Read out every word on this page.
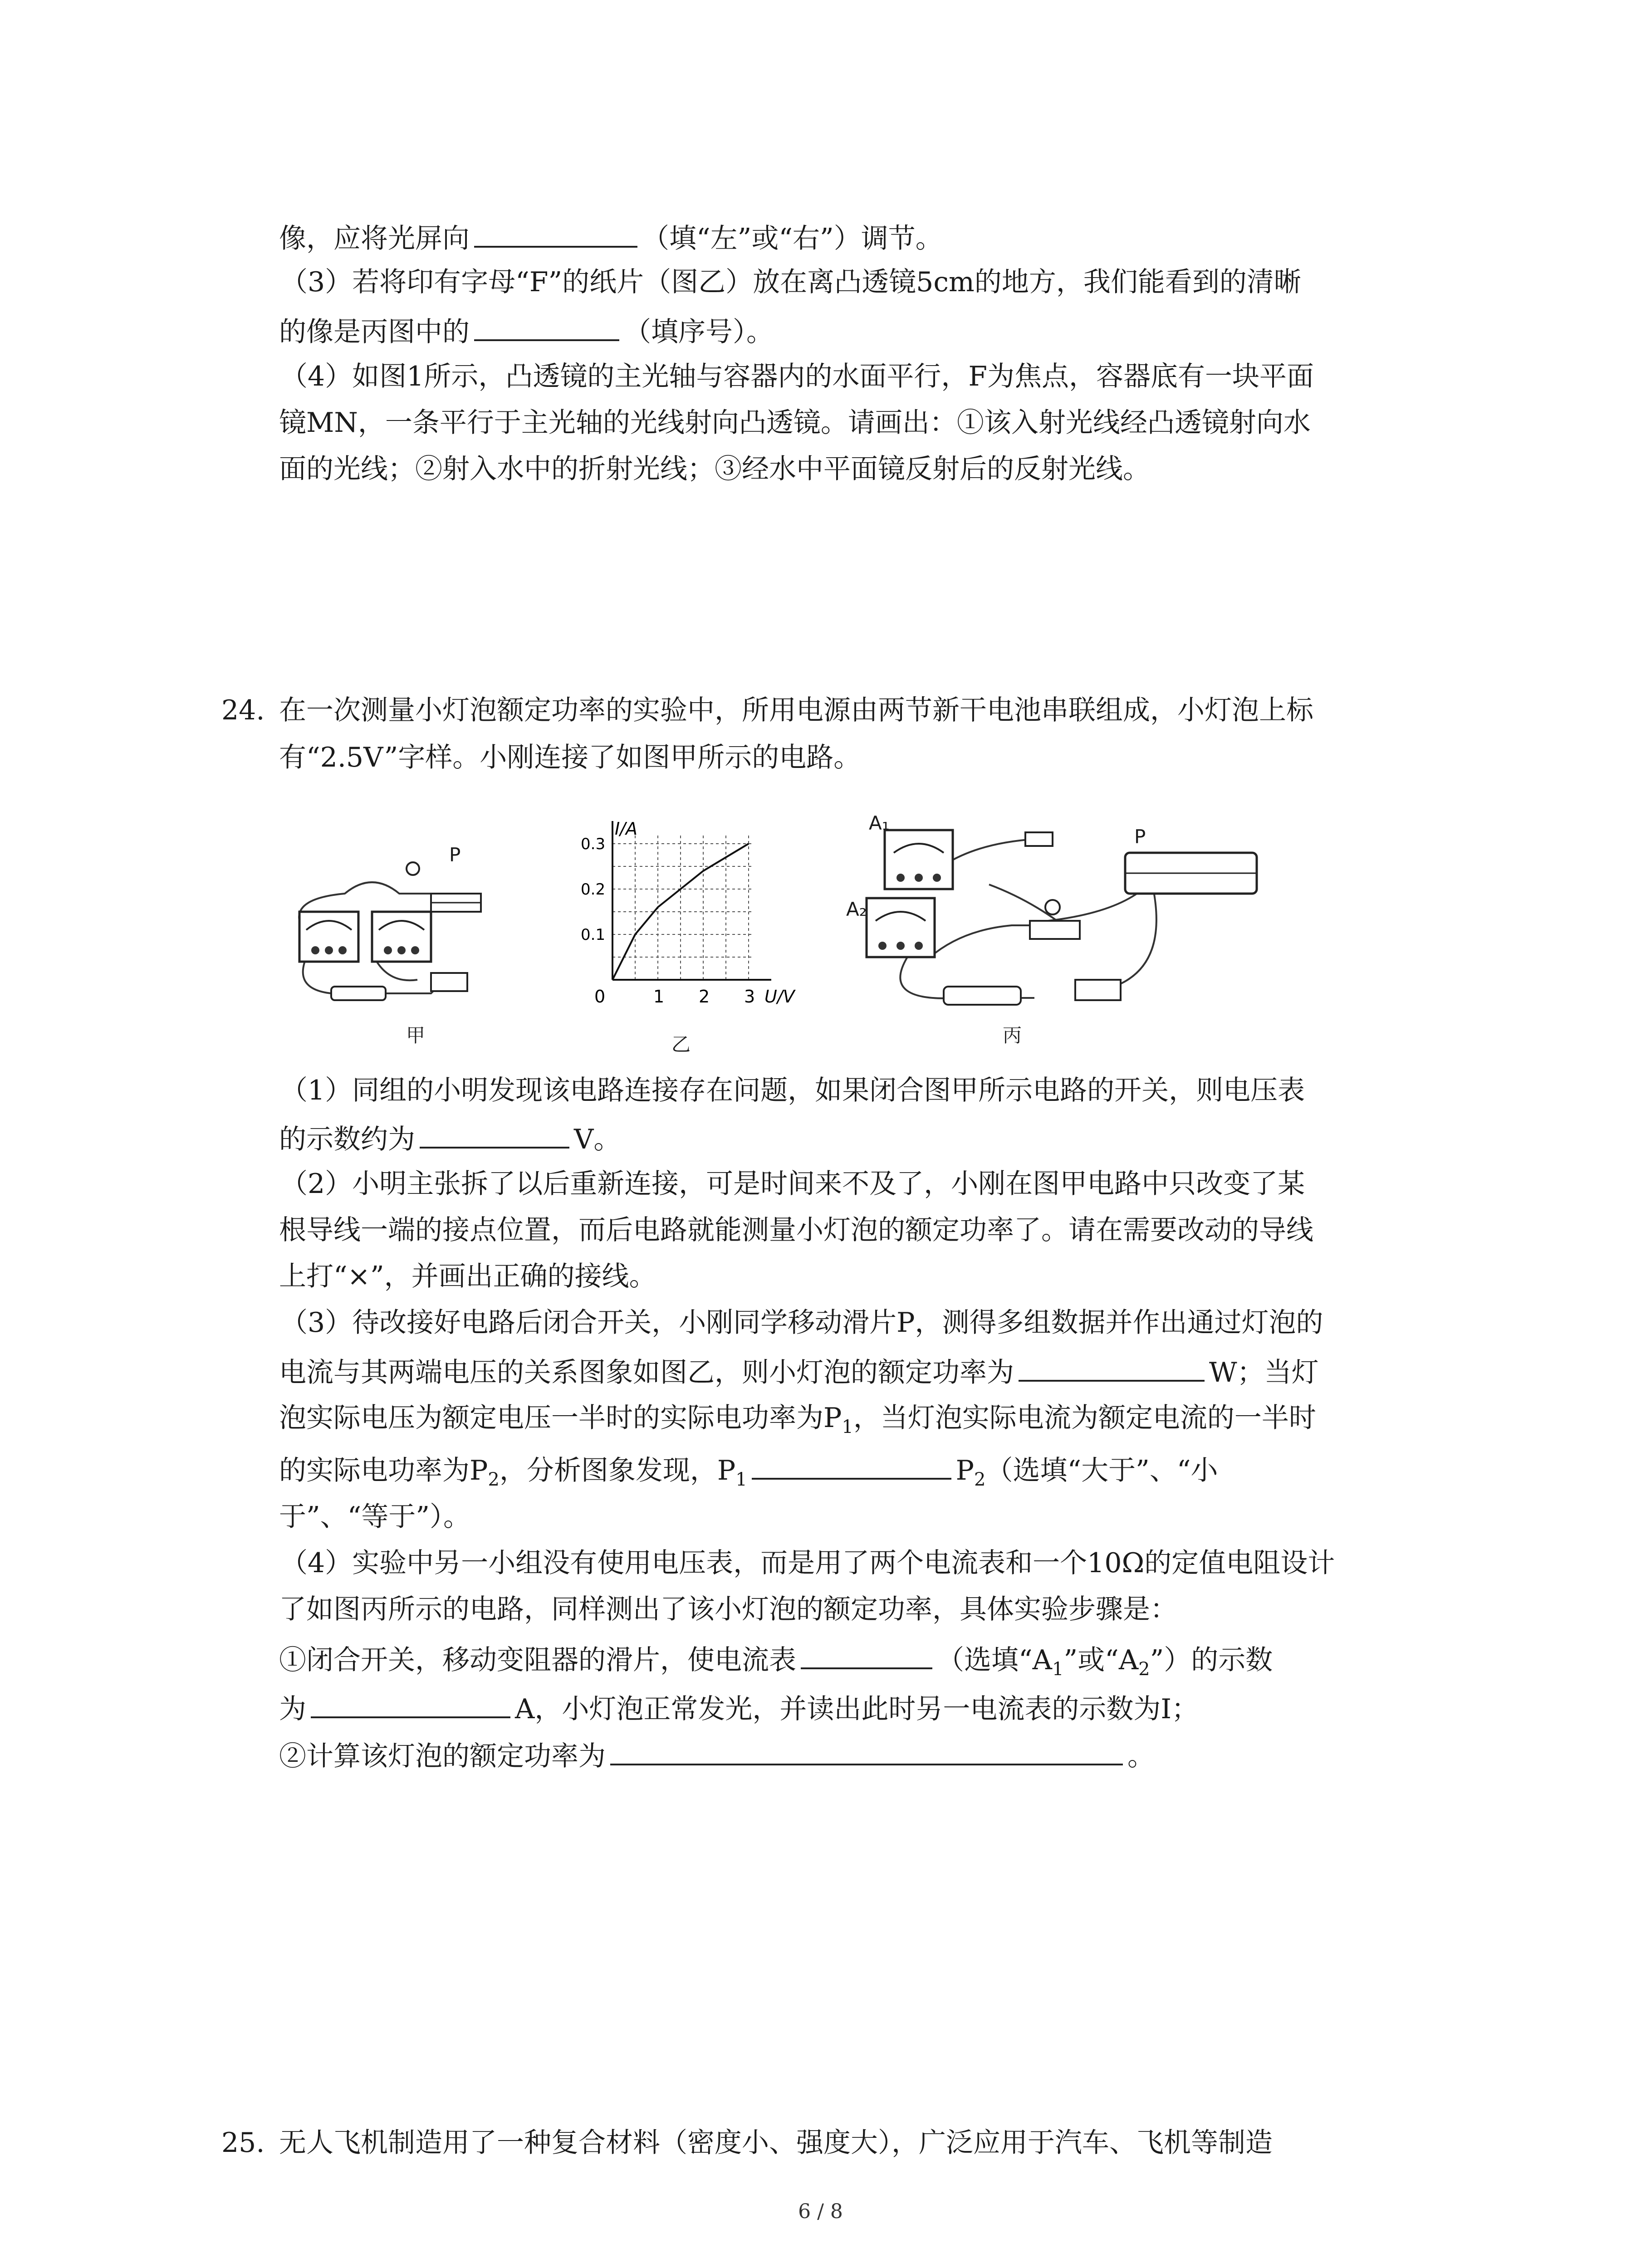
像，应将光屏向	（填“左”或“右”）调节。
（3）若将印有字母“F”的纸片（图乙）放在离凸透镜5cm的地方，我们能看到的清晰
的像是丙图中的	（填序号）。
（4）如图1所示，凸透镜的主光轴与容器内的水面平行，F为焦点，容器底有一块平面
镜MN，一条平行于主光轴的光线射向凸透镜。请画出：①该入射光线经凸透镜射向水
面的光线；②射入水中的折射光线；③经水中平面镜反射后的反射光线。
24. 在一次测量小灯泡额定功率的实验中，所用电源由两节新干电池串联组成，小灯泡上标
有“2.5V”字样。小刚连接了如图甲所示的电路。
P
甲
1 2 3
0.1
0.2
0.3
0
I/A
U/V
乙
A₁
A₂
P
丙
（1）同组的小明发现该电路连接存在问题，如果闭合图甲所示电路的开关，则电压表
的示数约为	V。
（2）小明主张拆了以后重新连接，可是时间来不及了，小刚在图甲电路中只改变了某
根导线一端的接点位置，而后电路就能测量小灯泡的额定功率了。请在需要改动的导线
上打“×”，并画出正确的接线。
（3）待改接好电路后闭合开关，小刚同学移动滑片P，测得多组数据并作出通过灯泡的
电流与其两端电压的关系图象如图乙，则小灯泡的额定功率为	W；当灯
泡实际电压为额定电压一半时的实际电功率为$P_1$，当灯泡实际电流为额定电流的一半时
的实际电功率为$P_2$，分析图象发现，$P_1$	$P_2$（选填“大于”、“小
于”、“等于”）。
（4）实验中另一小组没有使用电压表，而是用了两个电流表和一个10Ω的定值电阻设计
了如图丙所示的电路，同样测出了该小灯泡的额定功率，具体实验步骤是：
①闭合开关，移动变阻器的滑片，使电流表	（选填“$A_1$”或“$A_2$”）的示数
为	A，小灯泡正常发光，并读出此时另一电流表的示数为I；
②计算该灯泡的额定功率为	。
25. 无人飞机制造用了一种复合材料（密度小、强度大），广泛应用于汽车、飞机等制造
6 / 8
